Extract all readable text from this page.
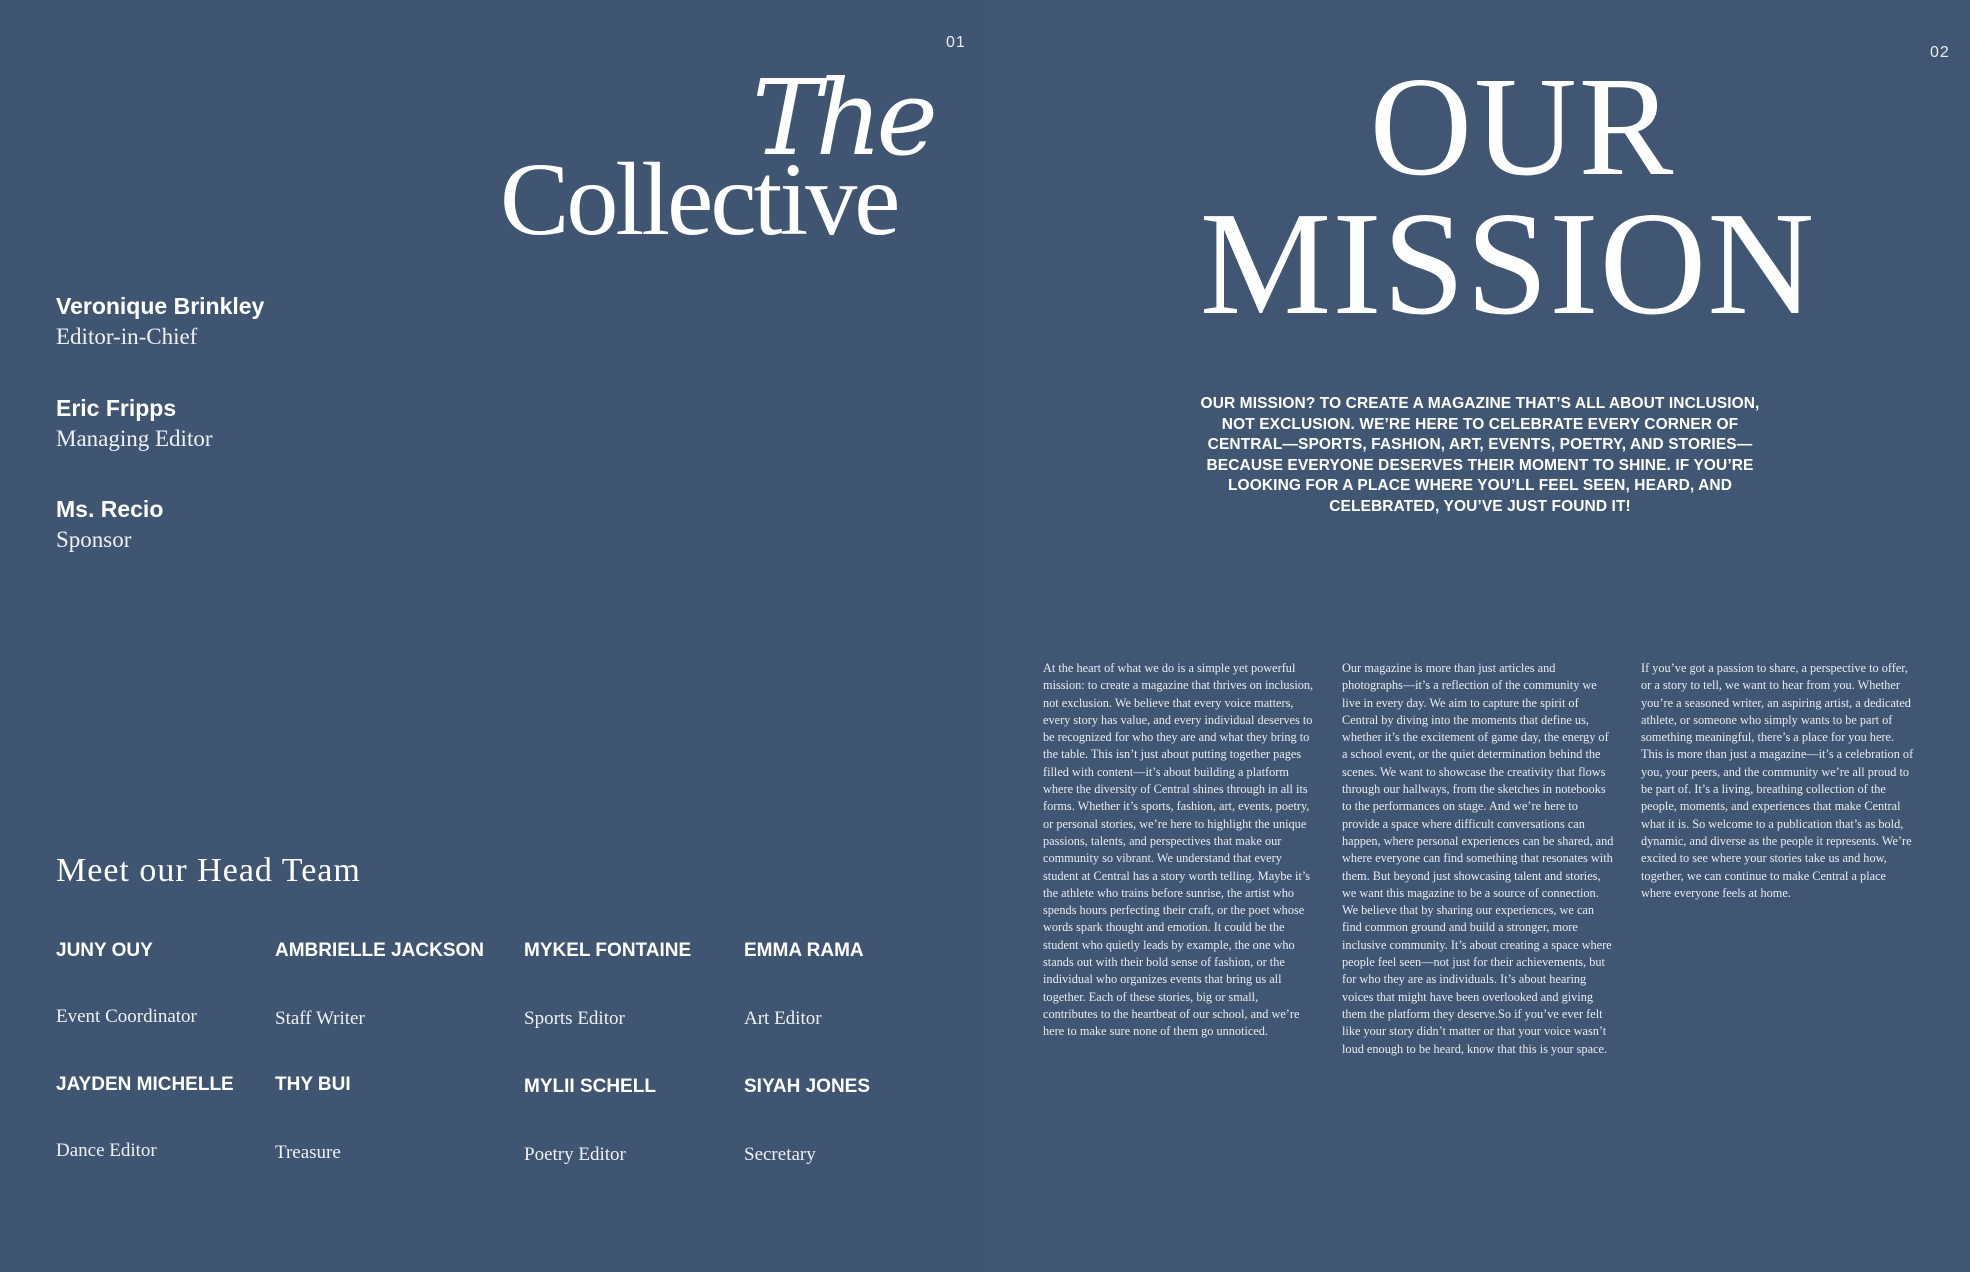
The
Collective
Veronique Brinkley
Editor-in-Chief
Eric Fripps
Managing Editor
Ms. Recio
Sponsor
Meet our Head Team
JUNY OUY
Event Coordinator
AMBRIELLE JACKSON
Staff Writer
MYKEL FONTAINE
Sports Editor
EMMA RAMA
Art Editor
JAYDEN MICHELLE
Dance Editor
THY BUI
Treasure
MYLII SCHELL
Poetry Editor
SIYAH JONES
Secretary
OUR
MISSION
01
02
OUR MISSION? TO CREATE A MAGAZINE THAT’S ALL ABOUT INCLUSION, NOT EXCLUSION. WE’RE HERE TO CELEBRATE EVERY CORNER OF CENTRAL—SPORTS, FASHION, ART, EVENTS, POETRY, AND STORIES—BECAUSE EVERYONE DESERVES THEIR MOMENT TO SHINE. IF YOU’RE LOOKING FOR A PLACE WHERE YOU’LL FEEL SEEN, HEARD, AND CELEBRATED, YOU’VE JUST FOUND IT!
At the heart of what we do is a simple yet powerful mission: to create a magazine that thrives on inclusion, not exclusion. We believe that every voice matters, every story has value, and every individual deserves to be recognized for who they are and what they bring to the table. This isn’t just about putting together pages filled with content—it’s about building a platform where the diversity of Central shines through in all its forms. Whether it’s sports, fashion, art, events, poetry, or personal stories, we’re here to highlight the unique passions, talents, and perspectives that make our community so vibrant. We understand that every student at Central has a story worth telling. Maybe it’s the athlete who trains before sunrise, the artist who spends hours perfecting their craft, or the poet whose words spark thought and emotion. It could be the student who quietly leads by example, the one who stands out with their bold sense of fashion, or the individual who organizes events that bring us all together. Each of these stories, big or small, contributes to the heartbeat of our school, and we’re here to make sure none of them go unnoticed.
Our magazine is more than just articles and photographs—it’s a reflection of the community we live in every day. We aim to capture the spirit of Central by diving into the moments that define us, whether it’s the excitement of game day, the energy of a school event, or the quiet determination behind the scenes. We want to showcase the creativity that flows through our hallways, from the sketches in notebooks to the performances on stage. And we’re here to provide a space where difficult conversations can happen, where personal experiences can be shared, and where everyone can find something that resonates with them. But beyond just showcasing talent and stories, we want this magazine to be a source of connection. We believe that by sharing our experiences, we can find common ground and build a stronger, more inclusive community. It’s about creating a space where people feel seen—not just for their achievements, but for who they are as individuals. It’s about hearing voices that might have been overlooked and giving them the platform they deserve.So if you’ve ever felt like your story didn’t matter or that your voice wasn’t loud enough to be heard, know that this is your space.
If you’ve got a passion to share, a perspective to offer, or a story to tell, we want to hear from you. Whether you’re a seasoned writer, an aspiring artist, a dedicated athlete, or someone who simply wants to be part of something meaningful, there’s a place for you here. This is more than just a magazine—it’s a celebration of you, your peers, and the community we’re all proud to be part of. It’s a living, breathing collection of the people, moments, and experiences that make Central what it is. So welcome to a publication that’s as bold, dynamic, and diverse as the people it represents. We’re excited to see where your stories take us and how, together, we can continue to make Central a place where everyone feels at home.
